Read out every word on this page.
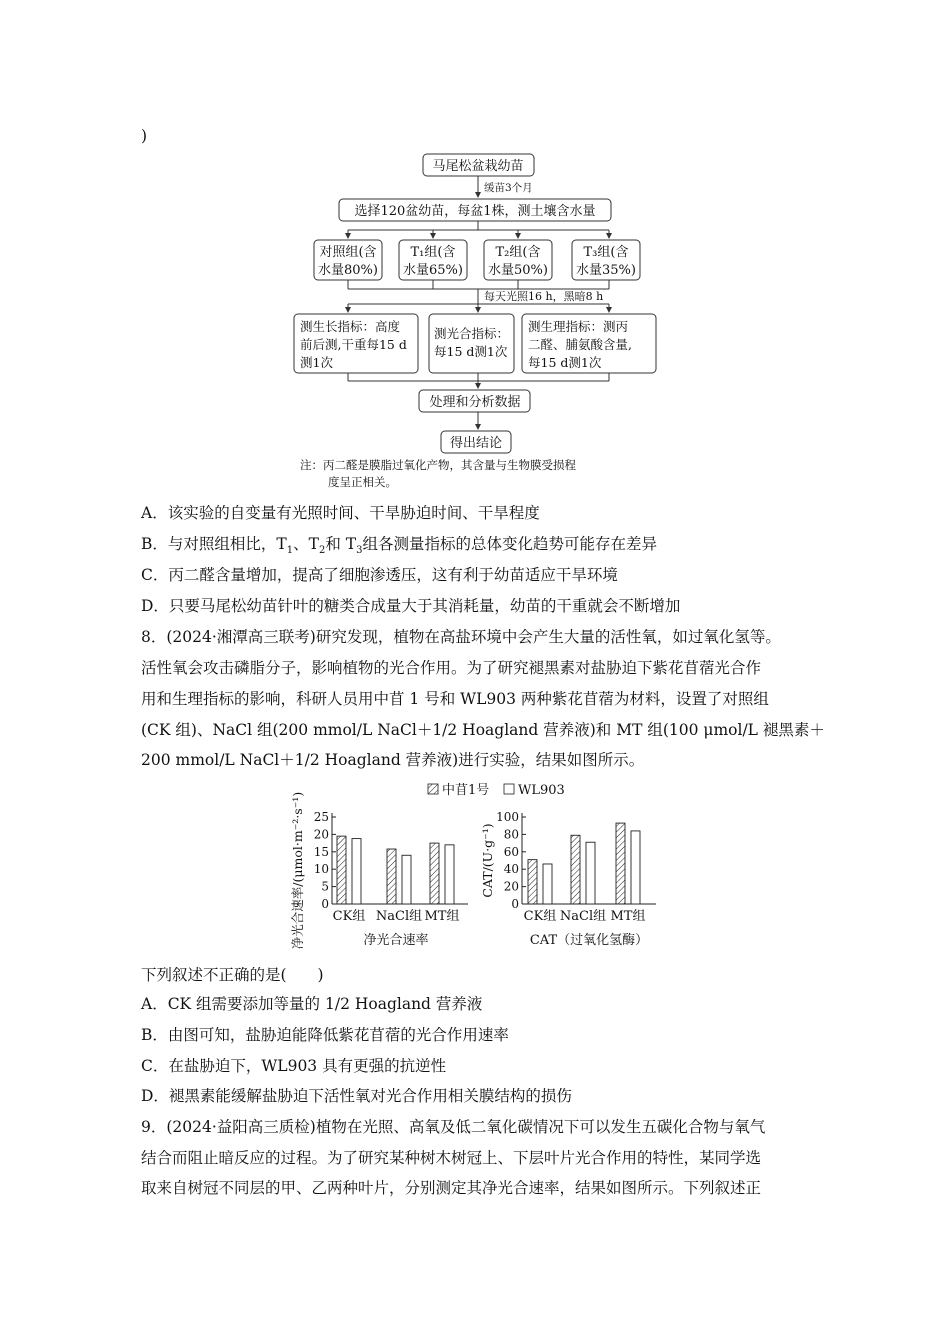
)
马尾松盆栽幼苗
缓苗3个月
选择120盆幼苗，每盆1株，测土壤含水量
对照组(含
水量80%)
T₁组(含
水量65%)
T₂组(含
水量50%)
T₃组(含
水量35%)
每天光照16 h，黑暗8 h
测生长指标：高度
前后测,干重每15 d
测1次
测光合指标：
每15 d测1次
测生理指标：测丙
二醛、脯氨酸含量,
每15 d测1次
处理和分析数据
得出结论
注：丙二醛是膜脂过氧化产物，其含量与生物膜受损程
度呈正相关。
A．该实验的自变量有光照时间、干旱胁迫时间、干旱程度
B．与对照组相比，$T_1$、$T_2$和 $T_3$组各测量指标的总体变化趋势可能存在差异
C．丙二醛含量增加，提高了细胞渗透压，这有利于幼苗适应干旱环境
D．只要马尾松幼苗针叶的糖类合成量大于其消耗量，幼苗的干重就会不断增加
8．(2024·湘潭高三联考)研究发现，植物在高盐环境中会产生大量的活性氧，如过氧化氢等。
活性氧会攻击磷脂分子，影响植物的光合作用。为了研究褪黑素对盐胁迫下紫花苜蓿光合作
用和生理指标的影响，科研人员用中苜 1 号和 WL903 两种紫花苜蓿为材料，设置了对照组
(CK 组)、NaCl 组(200 mmol/L NaCl＋1/2 Hoagland 营养液)和 MT 组(100 μmol/L 褪黑素＋
200 mmol/L NaCl＋1/2 Hoagland 营养液)进行实验，结果如图所示。
中苜1号 WL903
0
5
10
15
20
25
CK组 NaCl组 MT组
净光合速率
净光合速率/(μmol·m⁻²·s⁻¹)	0
20
40
60
80
100
CK组 NaCl组 MT组
CAT（过氧化氢酶）
CAT/(U·g⁻¹)
下列叙述不正确的是(　　)
A．CK 组需要添加等量的 1/2 Hoagland 营养液
B．由图可知，盐胁迫能降低紫花苜蓿的光合作用速率
C．在盐胁迫下，WL903 具有更强的抗逆性
D．褪黑素能缓解盐胁迫下活性氧对光合作用相关膜结构的损伤
9．(2024·益阳高三质检)植物在光照、高氧及低二氧化碳情况下可以发生五碳化合物与氧气
结合而阻止暗反应的过程。为了研究某种树木树冠上、下层叶片光合作用的特性，某同学选
取来自树冠不同层的甲、乙两种叶片，分别测定其净光合速率，结果如图所示。下列叙述正
